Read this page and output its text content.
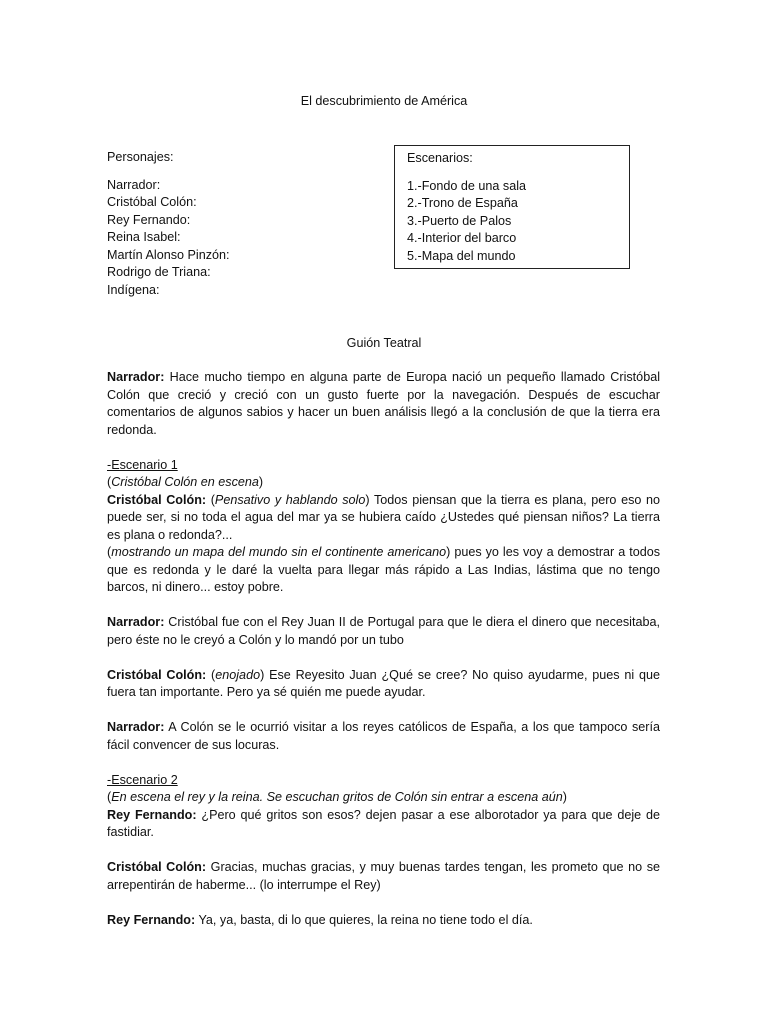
El descubrimiento de América
Personajes:
Narrador:
Cristóbal Colón:
Rey Fernando:
Reina Isabel:
Martín Alonso Pinzón:
Rodrigo de Triana:
Indígena:
Escenarios:
1.-Fondo de una sala
2.-Trono de España
3.-Puerto de Palos
4.-Interior del barco
5.-Mapa del mundo
Guión Teatral

Narrador: Hace mucho tiempo en alguna parte de Europa nació un pequeño llamado Cristóbal Colón que creció y creció con un gusto fuerte por la navegación. Después de escuchar comentarios de algunos sabios y hacer un buen análisis llegó a la conclusión de que la tierra era redonda.

-Escenario 1
(Cristóbal Colón en escena)
Cristóbal Colón: (Pensativo y hablando solo) Todos piensan que la tierra es plana, pero eso no puede ser, si no toda el agua del mar ya se hubiera caído ¿Ustedes qué piensan niños? La tierra es plana o redonda?...
(mostrando un mapa del mundo sin el continente americano) pues yo les voy a demostrar a todos que es redonda y le daré la vuelta para llegar más rápido a Las Indias, lástima que no tengo barcos, ni dinero... estoy pobre.

Narrador: Cristóbal fue con el Rey Juan II de Portugal para que le diera el dinero que necesitaba, pero éste no le creyó a Colón y lo mandó por un tubo

Cristóbal Colón: (enojado) Ese Reyesito Juan ¿Qué se cree? No quiso ayudarme, pues ni que fuera tan importante. Pero ya sé quién me puede ayudar.

Narrador: A Colón se le ocurrió visitar a los reyes católicos de España, a los que tampoco sería fácil convencer de sus locuras.

-Escenario 2
(En escena el rey y la reina. Se escuchan gritos de Colón sin entrar a escena aún)
Rey Fernando: ¿Pero qué gritos son esos? dejen pasar a ese alborotador ya para que deje de fastidiar.

Cristóbal Colón: Gracias, muchas gracias, y muy buenas tardes tengan, les prometo que no se arrepentirán de haberme... (lo interrumpe el Rey)

Rey Fernando: Ya, ya, basta, di lo que quieres, la reina no tiene todo el día.
